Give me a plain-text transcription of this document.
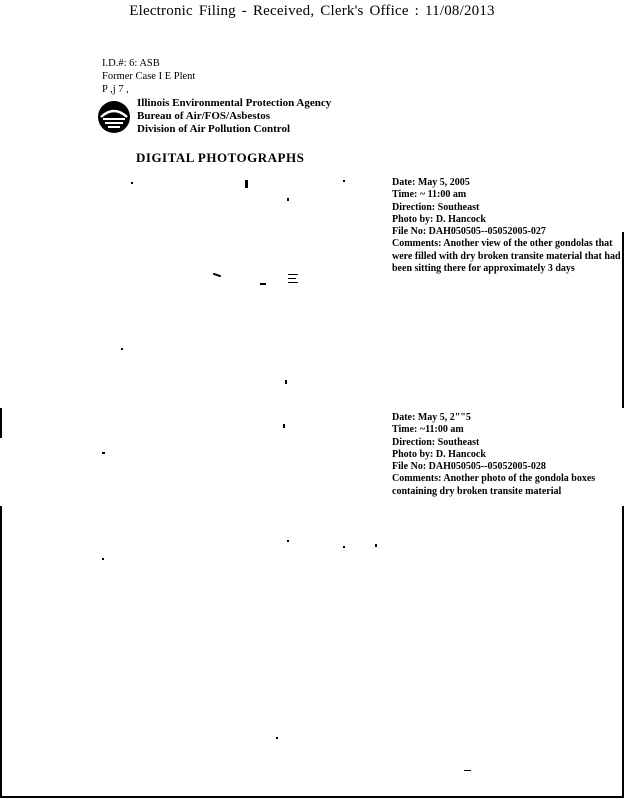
Electronic Filing - Received, Clerk's Office : 11/08/2013
I.D.#: 6: ASB
Former Case I E Plent
P ,j 7 ,
Illinois Environmental Protection Agency
Bureau of Air/FOS/Asbestos
Division of Air Pollution Control
DIGITAL PHOTOGRAPHS
Date: May 5, 2005
Time: ~ 11:00 am
Direction: Southeast
Photo by: D. Hancock
File No: DAH050505--05052005-027
Comments: Another view of the other gondolas that were filled with dry broken transite material that had been sitting there for approximately 3 days
Date: May 5, 2""5
Time: ~11:00 am
Direction: Southeast
Photo by: D. Hancock
File No: DAH050505--05052005-028
Comments: Another photo of the gondola boxes containing dry broken transite material
